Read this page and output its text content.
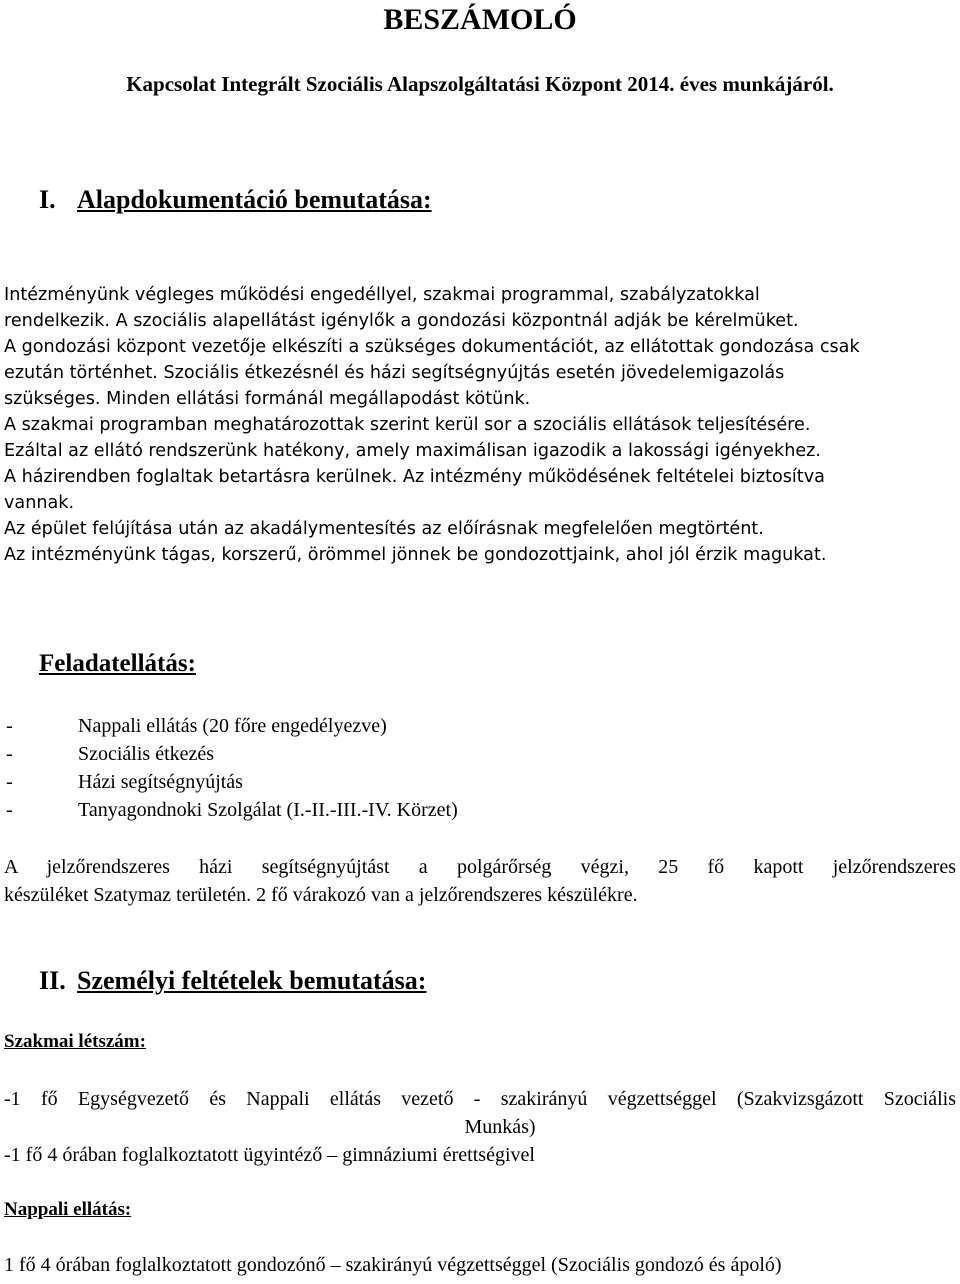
BESZÁMOLÓ

Kapcsolat Integrált Szociális Alapszolgáltatási Központ 2014. éves munkájáról.

I. Alapdokumentáció bemutatása:

Intézményünk végleges működési engedéllyel, szakmai programmal, szabályzatokkal
rendelkezik. A szociális alapellátást igénylők a gondozási központnál adják be kérelmüket.
A gondozási központ vezetője elkészíti a szükséges dokumentációt, az ellátottak gondozása csak
ezután történhet. Szociális étkezésnél és házi segítségnyújtás esetén jövedelemigazolás
szükséges. Minden ellátási formánál megállapodást kötünk.
A szakmai programban meghatározottak szerint kerül sor a szociális ellátások teljesítésére.
Ezáltal az ellátó rendszerünk hatékony, amely maximálisan igazodik a lakossági igényekhez.
A házirendben foglaltak betartásra kerülnek. Az intézmény működésének feltételei biztosítva
vannak.
Az épület felújítása után az akadálymentesítés az előírásnak megfelelően megtörtént.
Az intézményünk tágas, korszerű, örömmel jönnek be gondozottjaink, ahol jól érzik magukat.

Feladatellátás:
-	Nappali ellátás (20 főre engedélyezve)
-	Szociális étkezés
-	Házi segítségnyújtás
-	Tanyagondnoki Szolgálat (I.-II.-III.-IV. Körzet)

A jelzőrendszeres házi segítségnyújtást a polgárőrség végzi, 25 fő kapott jelzőrendszeres
készüléket Szatymaz területén. 2 fő várakozó van a jelzőrendszeres készülékre.

II. Személyi feltételek bemutatása:
Szakmai létszám:

-1 fő Egységvezető és Nappali ellátás vezető - szakirányú végzettséggel (Szakvizsgázott Szociális
Munkás)

-1 fő 4 órában foglalkoztatott ügyintéző – gimnáziumi érettségivel

Nappali ellátás:

1 fő 4 órában foglalkoztatott gondozónő – szakirányú végzettséggel (Szociális gondozó és ápoló)
